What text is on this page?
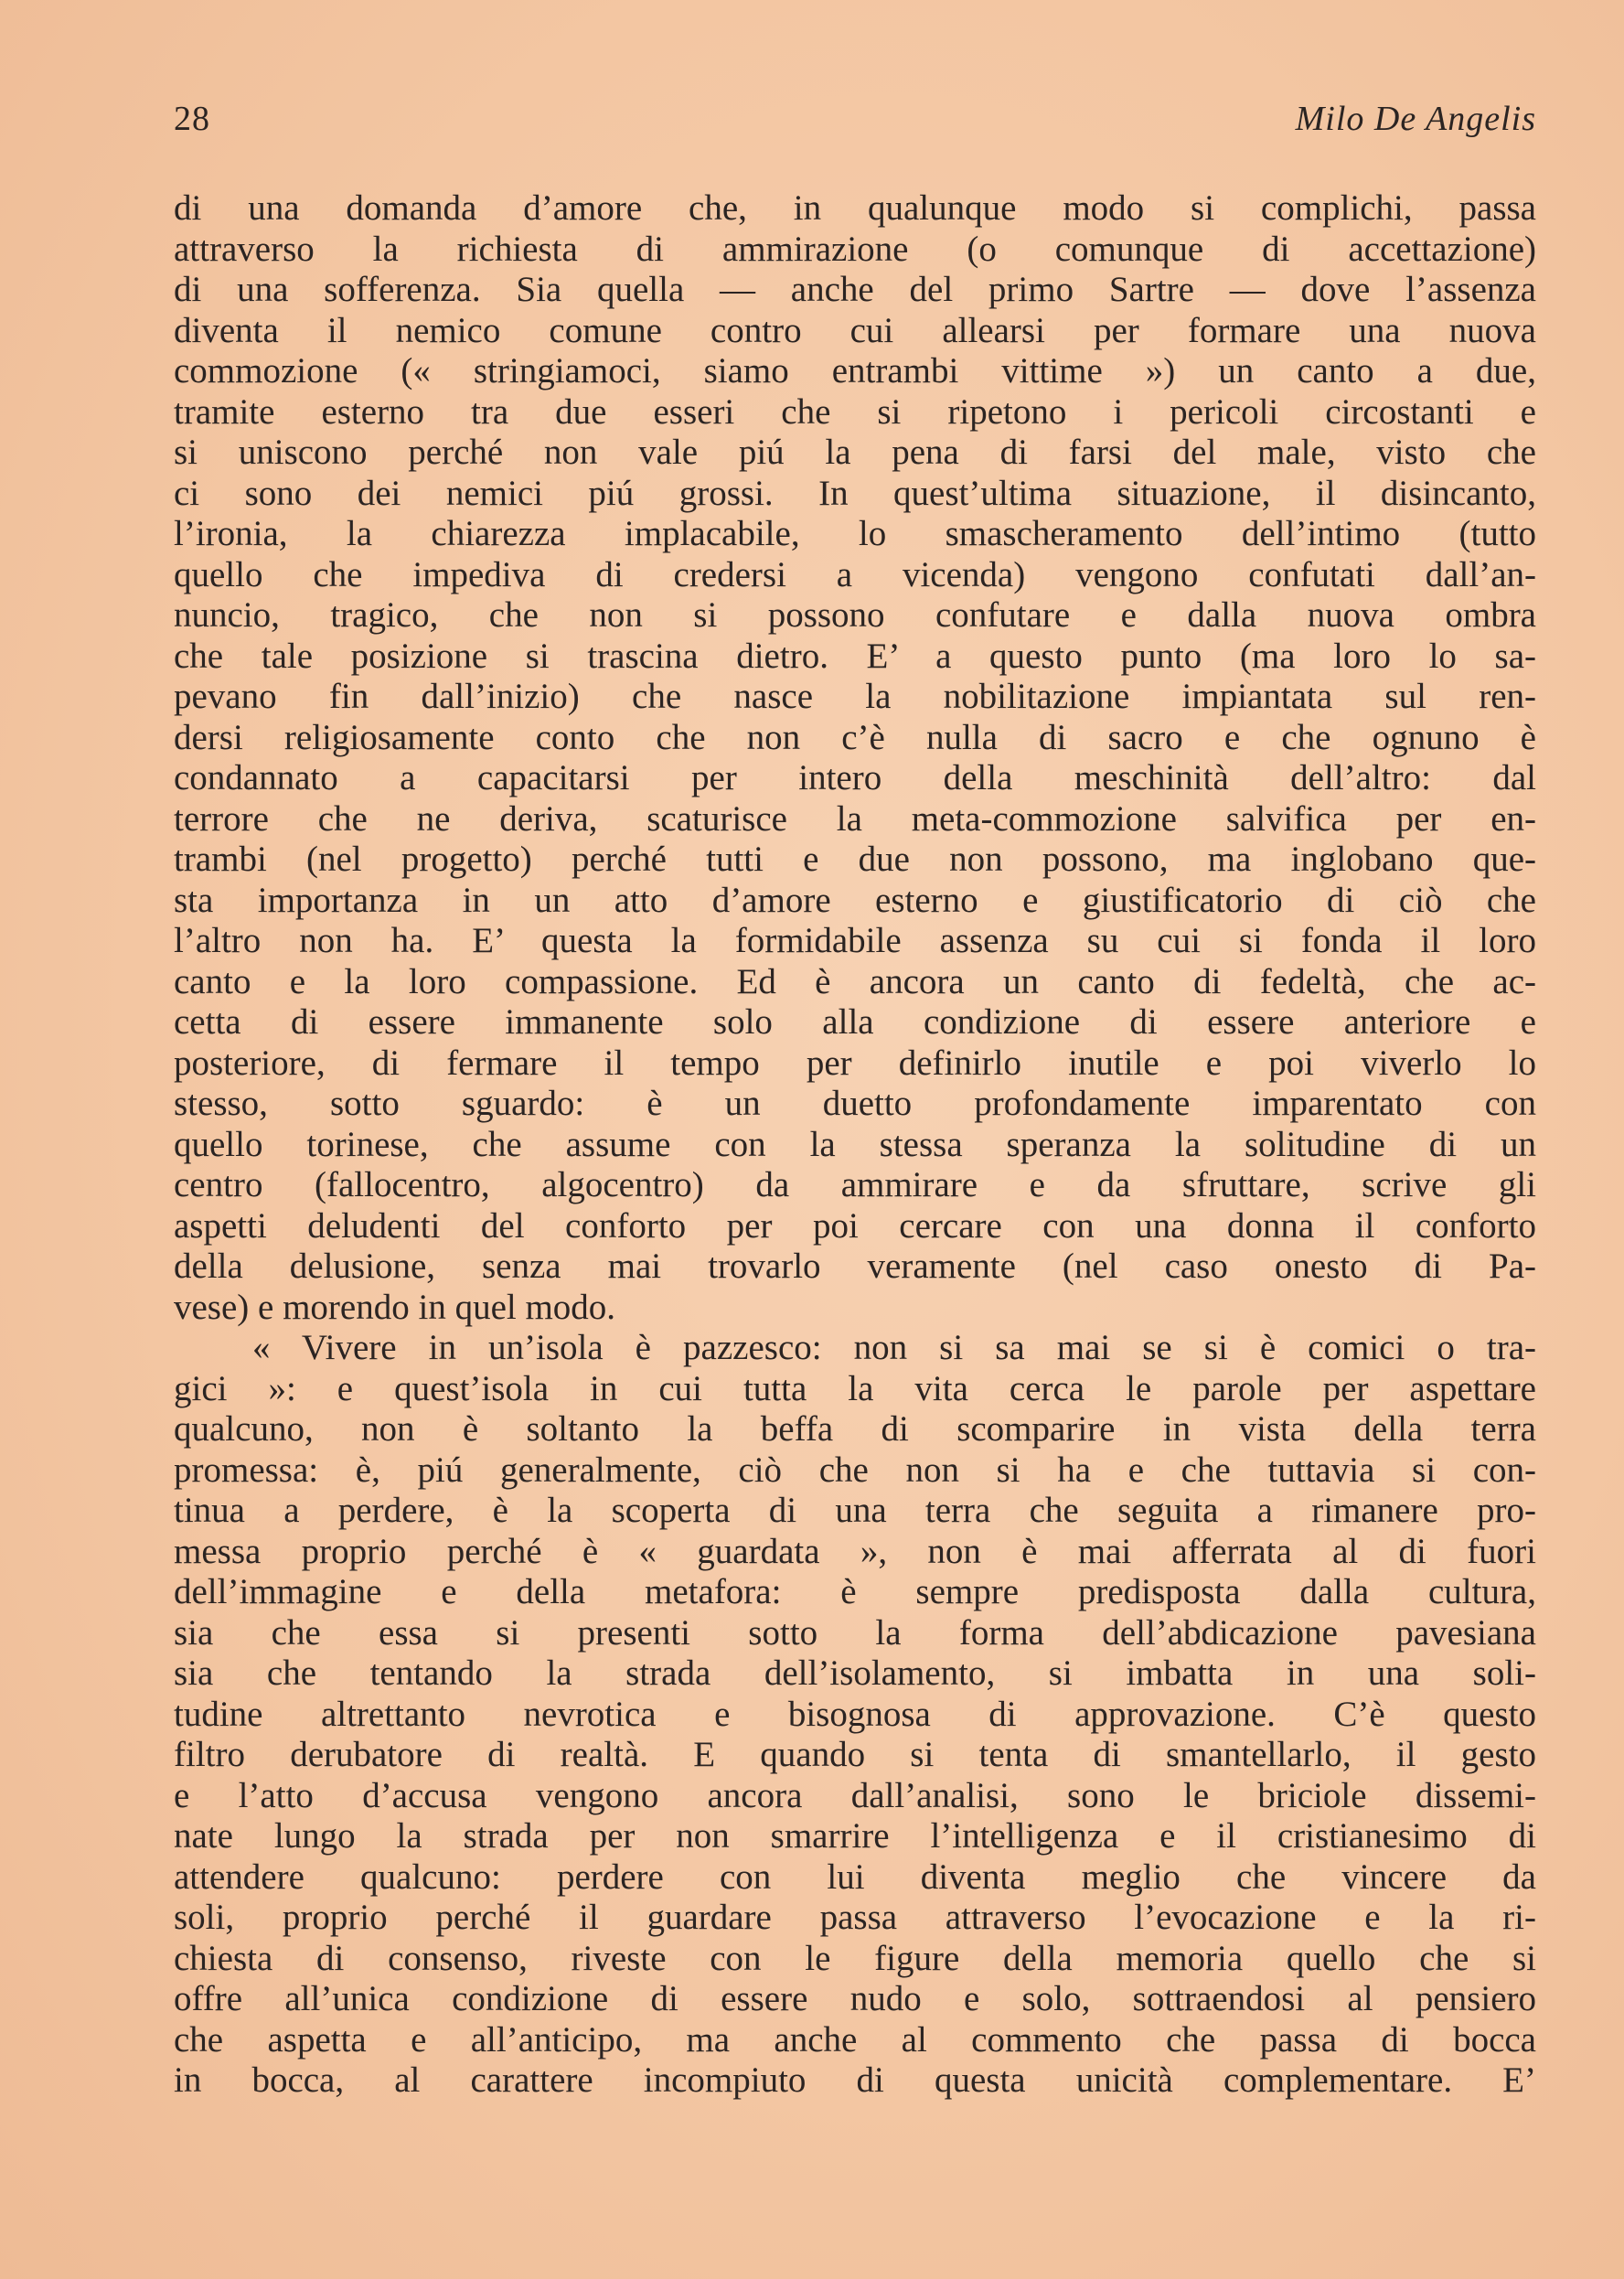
28	Milo De Angelis
di una domanda d’amore che, in qualunque modo si complichi, passa
attraverso la richiesta di ammirazione (o comunque di accettazione)
di una sofferenza. Sia quella — anche del primo Sartre — dove l’assenza
diventa il nemico comune contro cui allearsi per formare una nuova
commozione (« stringiamoci, siamo entrambi vittime ») un canto a due,
tramite esterno tra due esseri che si ripetono i pericoli circostanti e
si uniscono perché non vale piú la pena di farsi del male, visto che
ci sono dei nemici piú grossi. In quest’ultima situazione, il disincanto,
l’ironia, la chiarezza implacabile, lo smascheramento dell’intimo (tutto
quello che impediva di credersi a vicenda) vengono confutati dall’an-
nuncio, tragico, che non si possono confutare e dalla nuova ombra
che tale posizione si trascina dietro. E’ a questo punto (ma loro lo sa-
pevano fin dall’inizio) che nasce la nobilitazione impiantata sul ren-
dersi religiosamente conto che non c’è nulla di sacro e che ognuno è
condannato a capacitarsi per intero della meschinità dell’altro: dal
terrore che ne deriva, scaturisce la meta-commozione salvifica per en-
trambi (nel progetto) perché tutti e due non possono, ma inglobano que-
sta importanza in un atto d’amore esterno e giustificatorio di ciò che
l’altro non ha. E’ questa la formidabile assenza su cui si fonda il loro
canto e la loro compassione. Ed è ancora un canto di fedeltà, che ac-
cetta di essere immanente solo alla condizione di essere anteriore e
posteriore, di fermare il tempo per definirlo inutile e poi viverlo lo
stesso, sotto sguardo: è un duetto profondamente imparentato con
quello torinese, che assume con la stessa speranza la solitudine di un
centro (fallocentro, algocentro) da ammirare e da sfruttare, scrive gli
aspetti deludenti del conforto per poi cercare con una donna il conforto
della delusione, senza mai trovarlo veramente (nel caso onesto di Pa-
vese) e morendo in quel modo.
« Vivere in un’isola è pazzesco: non si sa mai se si è comici o tra-
gici »: e quest’isola in cui tutta la vita cerca le parole per aspettare
qualcuno, non è soltanto la beffa di scomparire in vista della terra
promessa: è, piú generalmente, ciò che non si ha e che tuttavia si con-
tinua a perdere, è la scoperta di una terra che seguita a rimanere pro-
messa proprio perché è « guardata », non è mai afferrata al di fuori
dell’immagine e della metafora: è sempre predisposta dalla cultura,
sia che essa si presenti sotto la forma dell’abdicazione pavesiana
sia che tentando la strada dell’isolamento, si imbatta in una soli-
tudine altrettanto nevrotica e bisognosa di approvazione. C’è questo
filtro derubatore di realtà. E quando si tenta di smantellarlo, il gesto
e l’atto d’accusa vengono ancora dall’analisi, sono le briciole dissemi-
nate lungo la strada per non smarrire l’intelligenza e il cristianesimo di
attendere qualcuno: perdere con lui diventa meglio che vincere da
soli, proprio perché il guardare passa attraverso l’evocazione e la ri-
chiesta di consenso, riveste con le figure della memoria quello che si
offre all’unica condizione di essere nudo e solo, sottraendosi al pensiero
che aspetta e all’anticipo, ma anche al commento che passa di bocca
in bocca, al carattere incompiuto di questa unicità complementare. E’
